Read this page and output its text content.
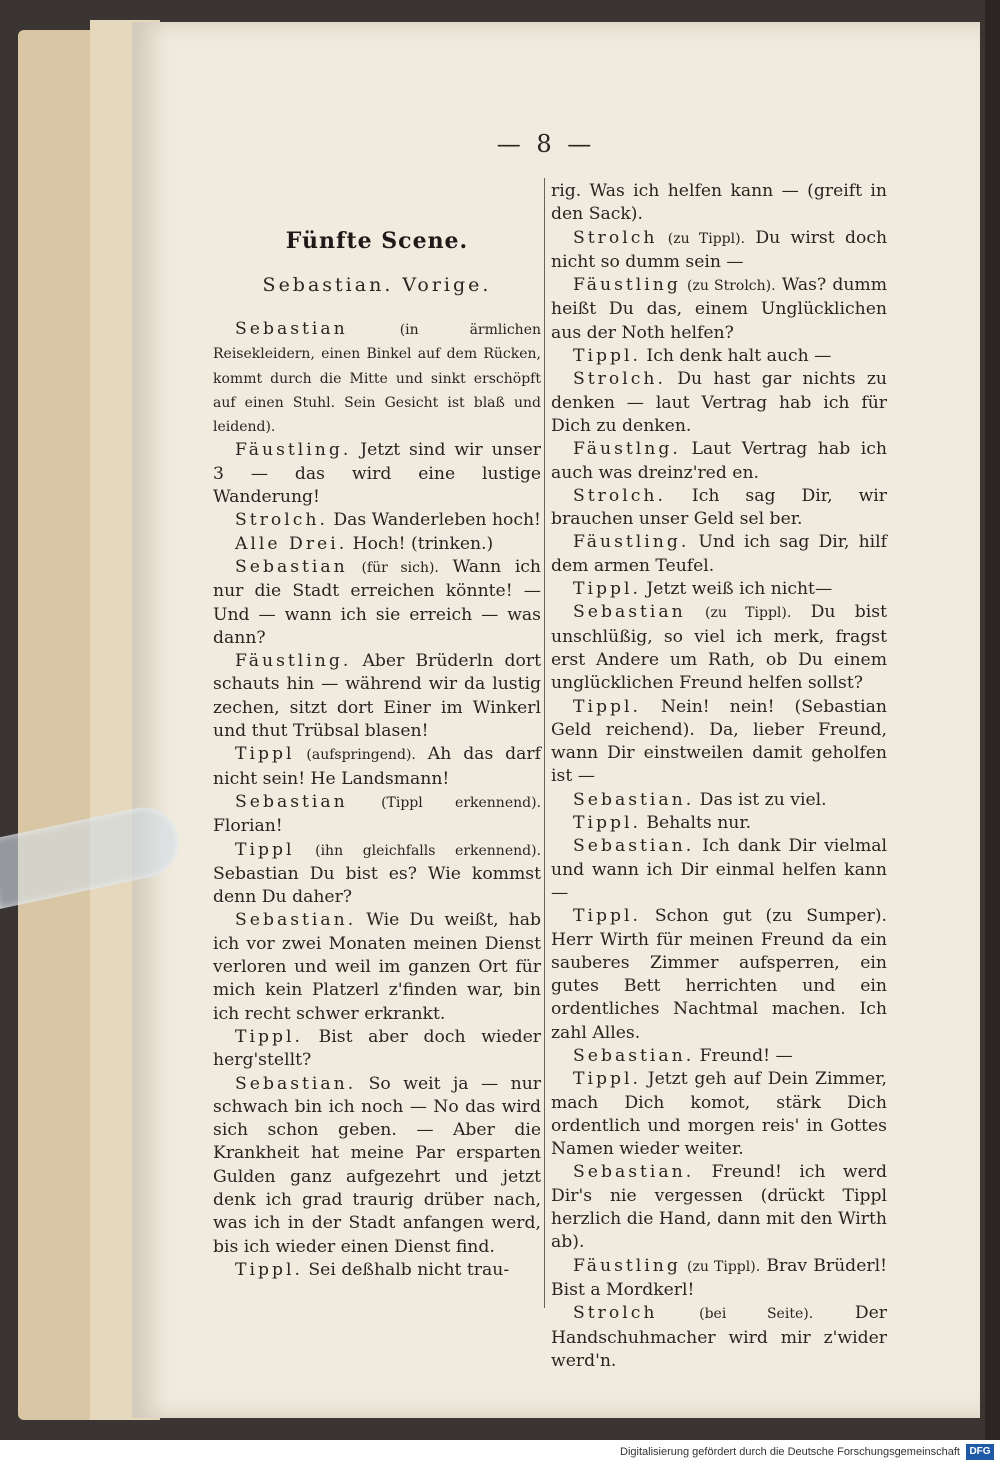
— 8 —
Fünfte Scene.
Sebastian. Vorige.

Sebastian	(in ärmlichen Reisekleidern, einen Binkel auf dem Rücken, kommt durch die Mitte und sinkt erschöpft auf einen Stuhl. Sein Gesicht ist blaß und leidend).

Fäustling. Jetzt sind wir unser 3 — das wird eine lustige Wanderung!

Strolch. Das Wanderleben hoch!

Alle Drei. Hoch! (trinken.)

Sebastian (für sich). Wann ich nur die Stadt erreichen könnte! — Und — wann ich sie erreich — was dann?

Fäustling. Aber Brüderln dort schauts hin — während wir da lustig zechen, sitzt dort Einer im Winkerl und thut Trübsal blasen!

Tippl (aufspringend). Ah das darf nicht sein! He Landsmann!

Sebastian (Tippl erkennend). Florian!

Tippl (ihn gleichfalls erkennend). Sebastian Du bist es? Wie kommst denn Du daher?

Sebastian. Wie Du weißt, hab ich vor zwei Monaten meinen Dienst verloren und weil im ganzen Ort für mich kein Platzerl z'finden war, bin ich recht schwer erkrankt.

Tippl. Bist aber doch wieder herg'stellt?

Sebastian. So weit ja — nur schwach bin ich noch — No das wird sich schon geben. — Aber die Krankheit hat meine Par ersparten Gulden ganz aufgezehrt und jetzt denk ich grad traurig drüber nach, was ich in der Stadt anfangen werd, bis ich wieder einen Dienst find.

Tippl. Sei deßhalb nicht trau-

rig. Was ich helfen kann — (greift in den Sack).

Strolch (zu Tippl). Du wirst doch nicht so dumm sein —

Fäustling (zu Strolch). Was? dumm heißt Du das, einem Unglücklichen aus der Noth helfen?

Tippl. Ich denk halt auch —

Strolch. Du hast gar nichts zu denken — laut Vertrag hab ich für Dich zu denken.

Fäustlng. Laut Vertrag hab ich auch was dreinz'red en.

Strolch. Ich sag Dir, wir brauchen unser Geld sel ber.

Fäustling. Und ich sag Dir, hilf dem armen Teufel.

Tippl. Jetzt weiß ich nicht—

Sebastian (zu Tippl). Du bist unschlüßig, so viel ich merk, fragst erst Andere um Rath, ob Du einem unglücklichen Freund helfen sollst?

Tippl. Nein! nein! (Sebastian Geld reichend). Da, lieber Freund, wann Dir einstweilen damit geholfen ist —

Sebastian. Das ist zu viel.

Tippl. Behalts nur.

Sebastian. Ich dank Dir vielmal und wann ich Dir einmal helfen kann —

Tippl. Schon gut (zu Sumper). Herr Wirth für meinen Freund da ein sauberes Zimmer aufsperren, ein gutes Bett herrichten und ein ordentliches Nachtmal machen. Ich zahl Alles.

Sebastian. Freund! —

Tippl. Jetzt geh auf Dein Zimmer, mach Dich komot, stärk Dich ordentlich und morgen reis' in Gottes Namen wieder weiter.

Sebastian. Freund! ich werd Dir's nie vergessen (drückt Tippl herzlich die Hand, dann mit den Wirth ab).

Fäustling (zu Tippl). Brav Brüderl! Bist a Mordkerl!

Strolch	(bei Seite). Der Handschuhmacher wird mir z'wider werd'n.

Digitalisierung gefördert durch die Deutsche Forschungsgemeinschaft DFG
